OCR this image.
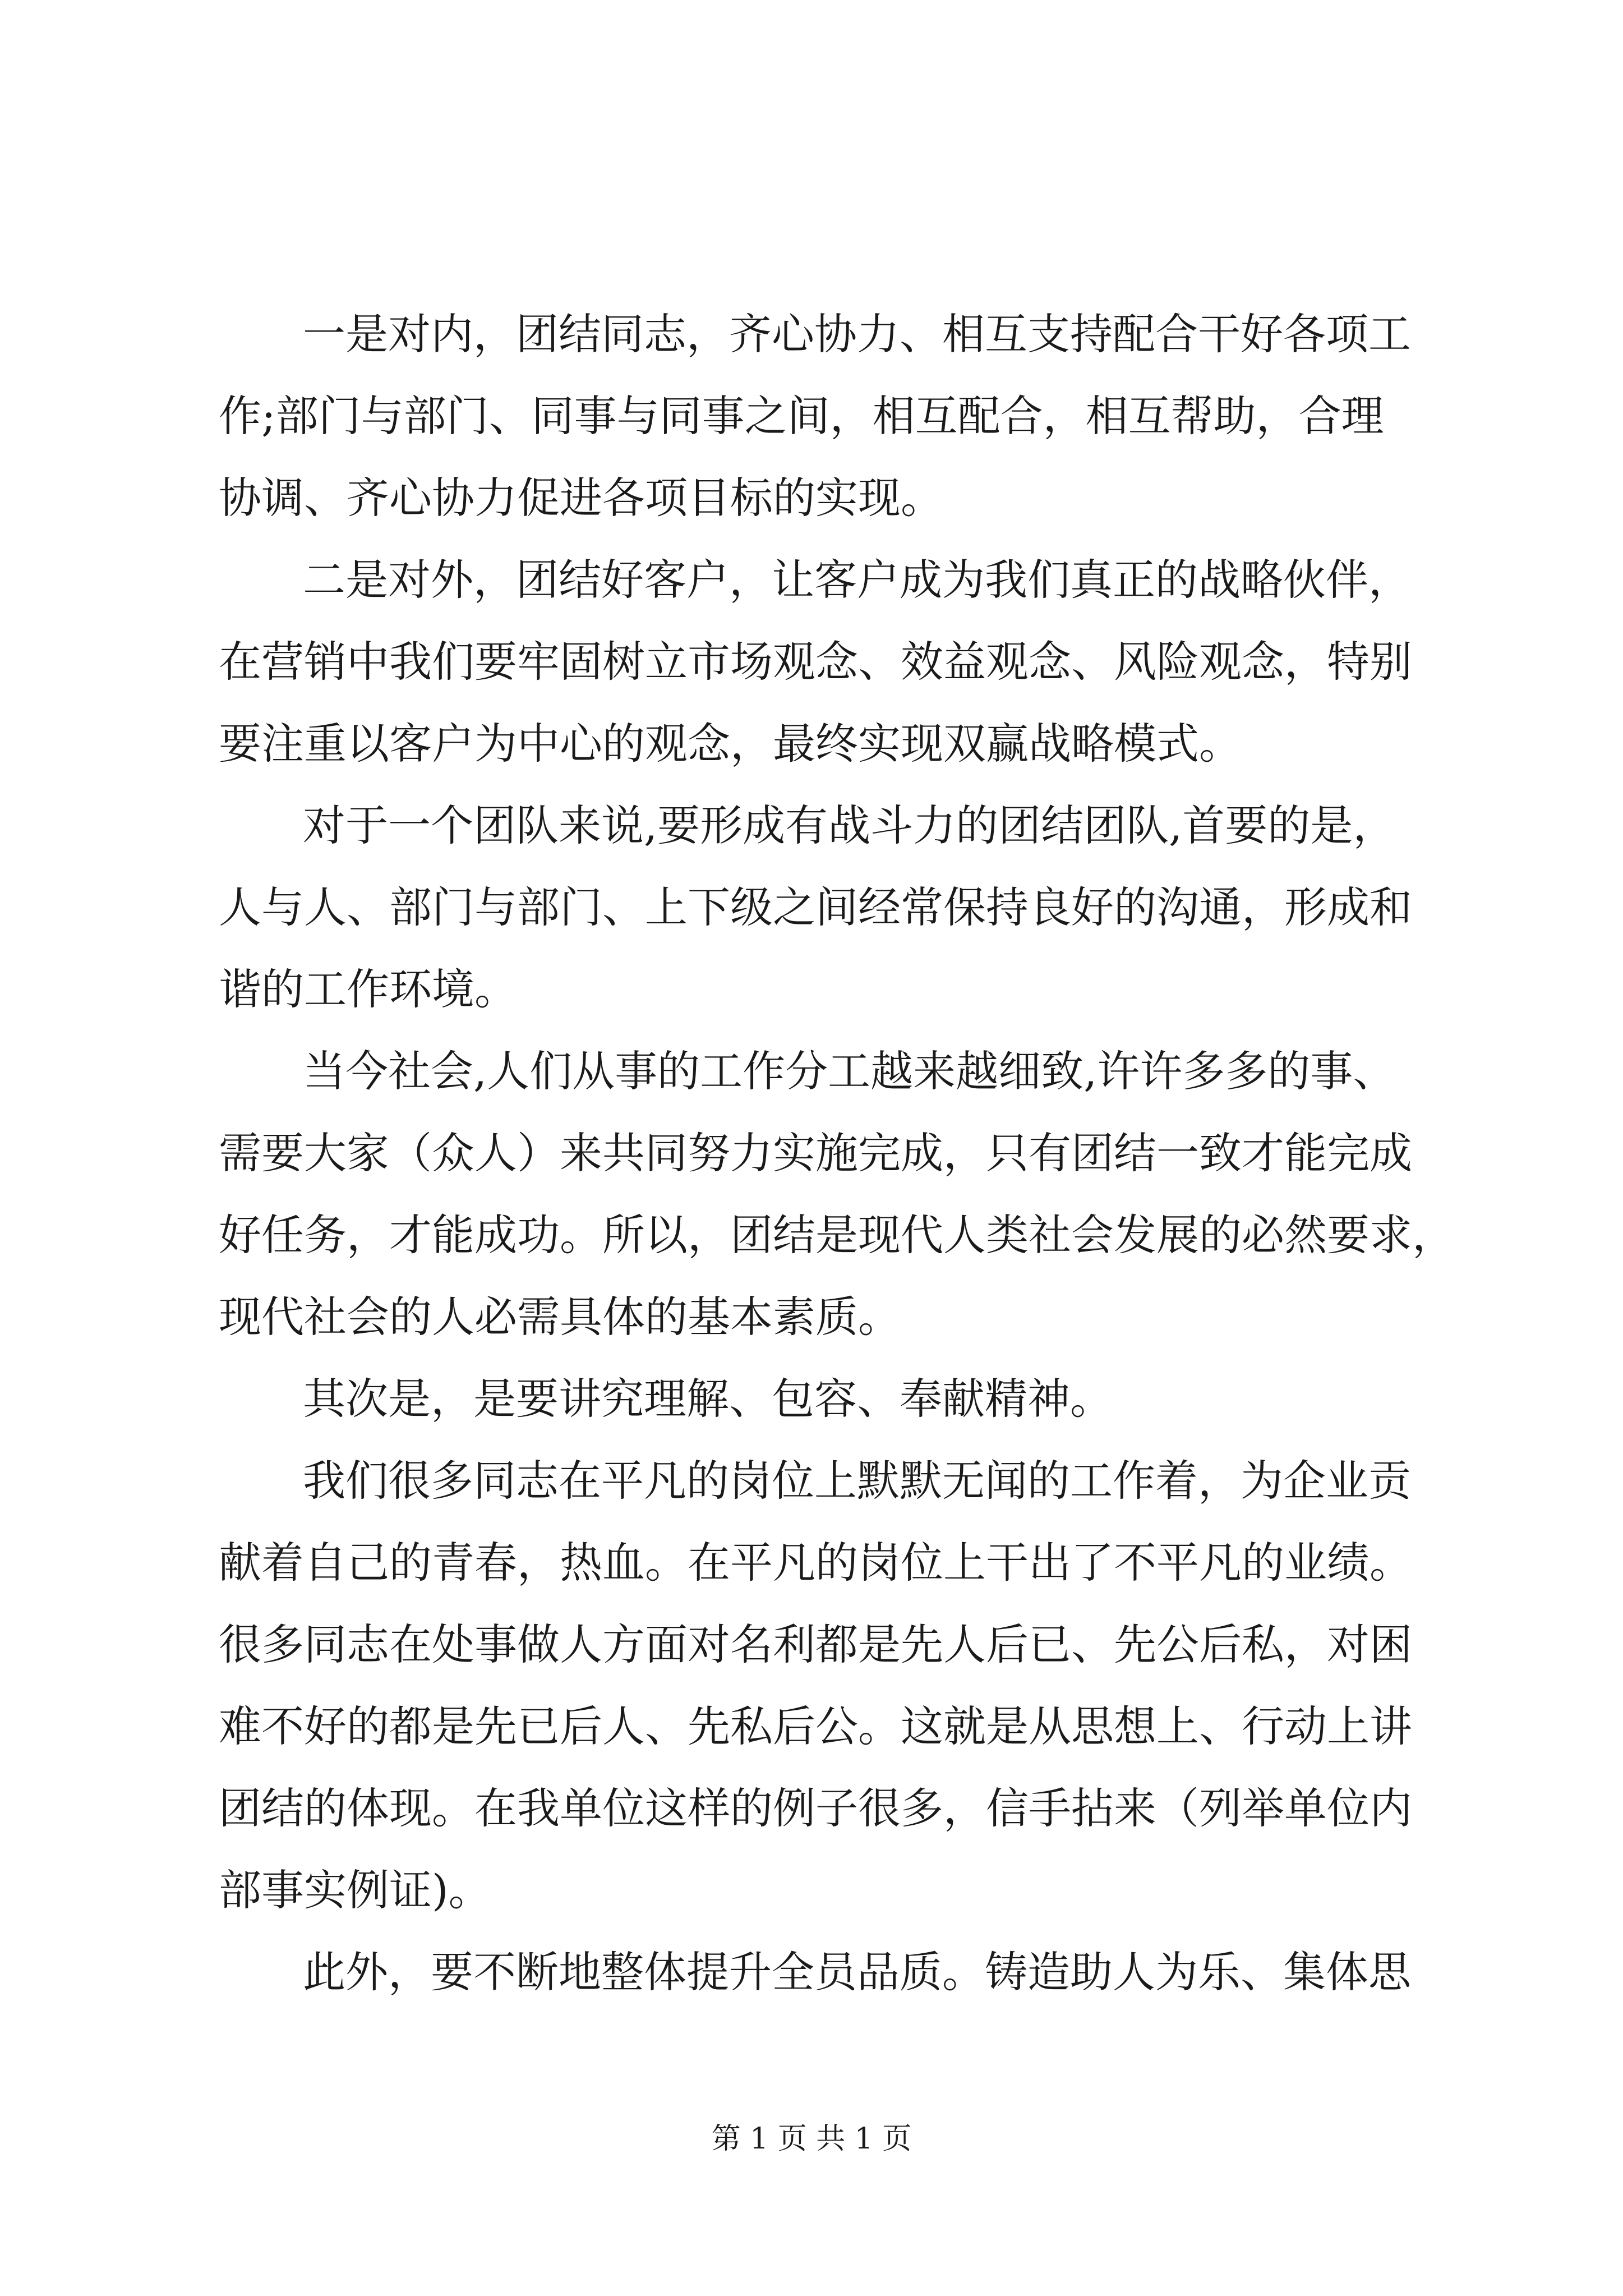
一是对内，团结同志，齐心协力、相互支持配合干好各项工
作;部门与部门、同事与同事之间，相互配合，相互帮助，合理
协调、齐心协力促进各项目标的实现。
二是对外，团结好客户，让客户成为我们真正的战略伙伴，
在营销中我们要牢固树立市场观念、效益观念、风险观念，特别
要注重以客户为中心的观念，最终实现双赢战略模式。
对于一个团队来说,要形成有战斗力的团结团队,首要的是，
人与人、部门与部门、上下级之间经常保持良好的沟通，形成和
谐的工作环境。
当今社会,人们从事的工作分工越来越细致,许许多多的事、
需要大家（众人）来共同努力实施完成，只有团结一致才能完成
好任务，才能成功。所以，团结是现代人类社会发展的必然要求，
现代社会的人必需具体的基本素质。
其次是，是要讲究理解、包容、奉献精神。
我们很多同志在平凡的岗位上默默无闻的工作着，为企业贡
献着自己的青春，热血。在平凡的岗位上干出了不平凡的业绩。
很多同志在处事做人方面对名利都是先人后已、先公后私，对困
难不好的都是先已后人、先私后公。这就是从思想上、行动上讲
团结的体现。在我单位这样的例子很多，信手拈来（列举单位内
部事实例证)。
此外，要不断地整体提升全员品质。铸造助人为乐、集体思
第 1 页 共 1 页
